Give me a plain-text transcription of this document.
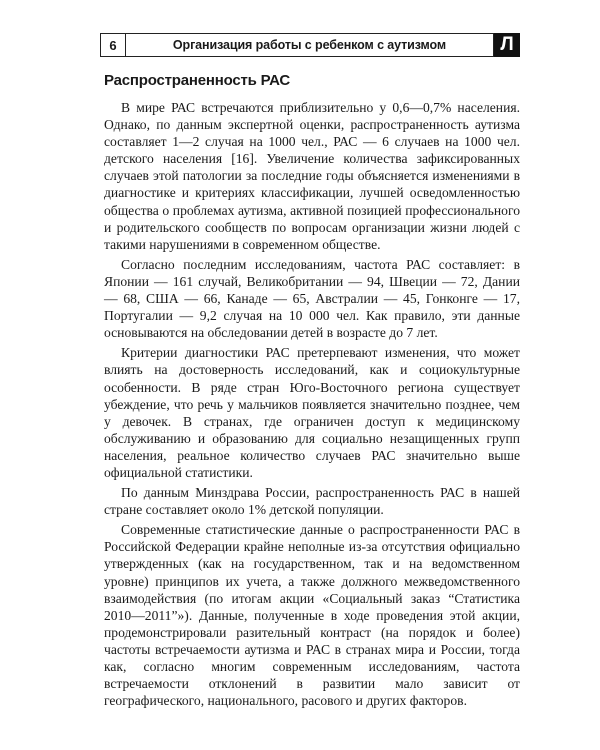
6	Организация работы с ребенком с аутизмом	Л
Распространенность РАС

В мире РАС встречаются приблизительно у 0,6—0,7% населения. Однако, по данным экспертной оценки, распространенность аутизма составляет 1—2 случая на 1000 чел., РАС — 6 случаев на 1000 чел. детского населения [16]. Увеличение количества зафиксированных случаев этой патологии за последние годы объясняется изменениями в диагностике и критериях классификации, лучшей осведомленностью общества о проблемах аутизма, активной позицией профессионального и родительского сообществ по вопросам организации жизни людей с такими нарушениями в современном обществе.

Согласно последним исследованиям, частота РАС составляет: в Японии — 161 случай, Великобритании — 94, Швеции — 72, Дании — 68, США — 66, Канаде — 65, Австралии — 45, Гонконге — 17, Португалии — 9,2 случая на 10 000 чел. Как правило, эти данные основываются на обследовании детей в возрасте до 7 лет.

Критерии диагностики РАС претерпевают изменения, что может влиять на достоверность исследований, как и социокультурные особенности. В ряде стран Юго-Восточного региона существует убеждение, что речь у мальчиков появляется значительно позднее, чем у девочек. В странах, где ограничен доступ к медицинскому обслуживанию и образованию для социально незащищенных групп населения, реальное количество случаев РАС значительно выше официальной статистики.

По данным Минздрава России, распространенность РАС в нашей стране составляет около 1% детской популяции.

Современные статистические данные о распространенности РАС в Российской Федерации крайне неполные из-за отсутствия официально утвержденных (как на государственном, так и на ведомственном уровне) принципов их учета, а также должного межведомственного взаимодействия (по итогам акции «Социальный заказ “Статистика 2010—2011”»). Данные, полученные в ходе проведения этой акции, продемонстрировали разительный контраст (на порядок и более) частоты встречаемости аутизма и РАС в странах мира и России, тогда как, согласно многим современным исследованиям, частота встречаемости отклонений в развитии мало зависит от географического, национального, расового и других факторов.
